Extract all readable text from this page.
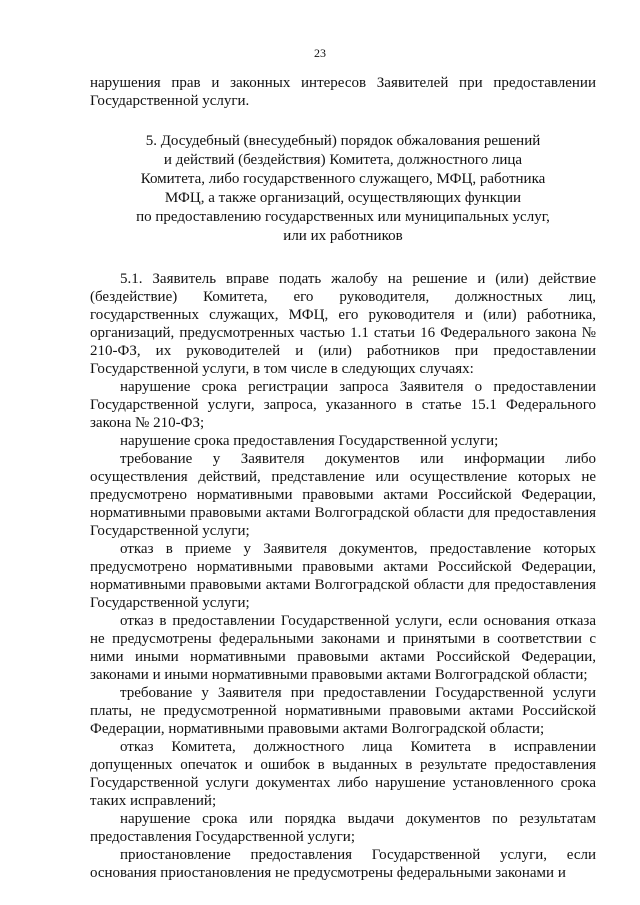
23

нарушения прав и законных интересов Заявителей при предоставлении Государственной услуги.

5. Досудебный (внесудебный) порядок обжалования решений
и действий (бездействия) Комитета, должностного лица
Комитета, либо государственного служащего, МФЦ, работника
МФЦ, а также организаций, осуществляющих функции
по предоставлению государственных или муниципальных услуг,
или их работников

5.1. Заявитель вправе подать жалобу на решение и (или) действие (бездействие) Комитета, его руководителя, должностных лиц, государственных служащих, МФЦ, его руководителя и (или) работника, организаций, предусмотренных частью 1.1 статьи 16 Федерального закона № 210-ФЗ, их руководителей и (или) работников при предоставлении Государственной услуги, в том числе в следующих случаях:

нарушение срока регистрации запроса Заявителя о предоставлении Государственной услуги, запроса, указанного в статье 15.1 Федерального закона № 210-ФЗ;

нарушение срока предоставления Государственной услуги;

требование у Заявителя документов или информации либо осуществления действий, представление или осуществление которых не предусмотрено нормативными правовыми актами Российской Федерации, нормативными правовыми актами Волгоградской области для предоставления Государственной услуги;

отказ в приеме у Заявителя документов, предоставление которых предусмотрено нормативными правовыми актами Российской Федерации, нормативными правовыми актами Волгоградской области для предоставления Государственной услуги;

отказ в предоставлении Государственной услуги, если основания отказа не предусмотрены федеральными законами и принятыми в соответствии с ними иными нормативными правовыми актами Российской Федерации, законами и иными нормативными правовыми актами Волгоградской области;

требование у Заявителя при предоставлении Государственной услуги платы, не предусмотренной нормативными правовыми актами Российской Федерации, нормативными правовыми актами Волгоградской области;

отказ Комитета, должностного лица Комитета в исправлении допущенных опечаток и ошибок в выданных в результате предоставления Государственной услуги документах либо нарушение установленного срока таких исправлений;

нарушение срока или порядка выдачи документов по результатам предоставления Государственной услуги;

приостановление предоставления Государственной услуги, если основания приостановления не предусмотрены федеральными законами и
